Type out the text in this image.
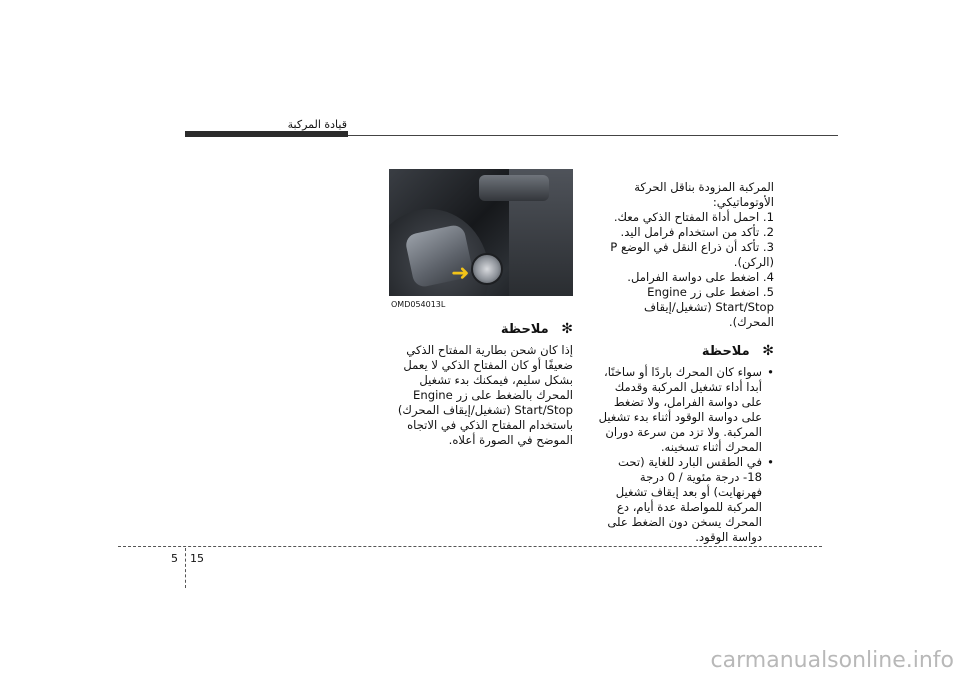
قيادة المركبة
المركبة المزودة بناقل الحركة الأوتوماتيكي:
1. احمل أداة المفتاح الذكي معك.
2. تأكد من استخدام فرامل اليد.
3. تأكد أن ذراع النقل في الوضع P (الركن).
4. اضغط على دواسة الفرامل.
5. اضغط على زر Engine Start/Stop (تشغيل/إيقاف المحرك).
✻ ملاحظة
• سواء كان المحرك باردًا أو ساخنًا، أبدا أداء تشغيل المركبة وقدمك على دواسة الفرامل، ولا تضغط على دواسة الوقود أثناء بدء تشغيل المركبة. ولا تزد من سرعة دوران المحرك أثناء تسخينه.
• في الطقس البارد للغاية (تحت 18- درجة مئوية / 0 درجة فهرنهايت) أو بعد إيقاف تشغيل المركبة للمواصلة عدة أيام، دع المحرك يسخن دون الضغط على دواسة الوقود.
➜
OMD054013L
✻ ملاحظة
إذا كان شحن بطارية المفتاح الذكي ضعيفًا أو كان المفتاح الذكي لا يعمل بشكل سليم، فيمكنك بدء تشغيل المحرك بالضغط على زر Engine Start/Stop (تشغيل/إيقاف المحرك) باستخدام المفتاح الذكي في الاتجاه الموضح في الصورة أعلاه.
5 15
carmanualsonline.info
